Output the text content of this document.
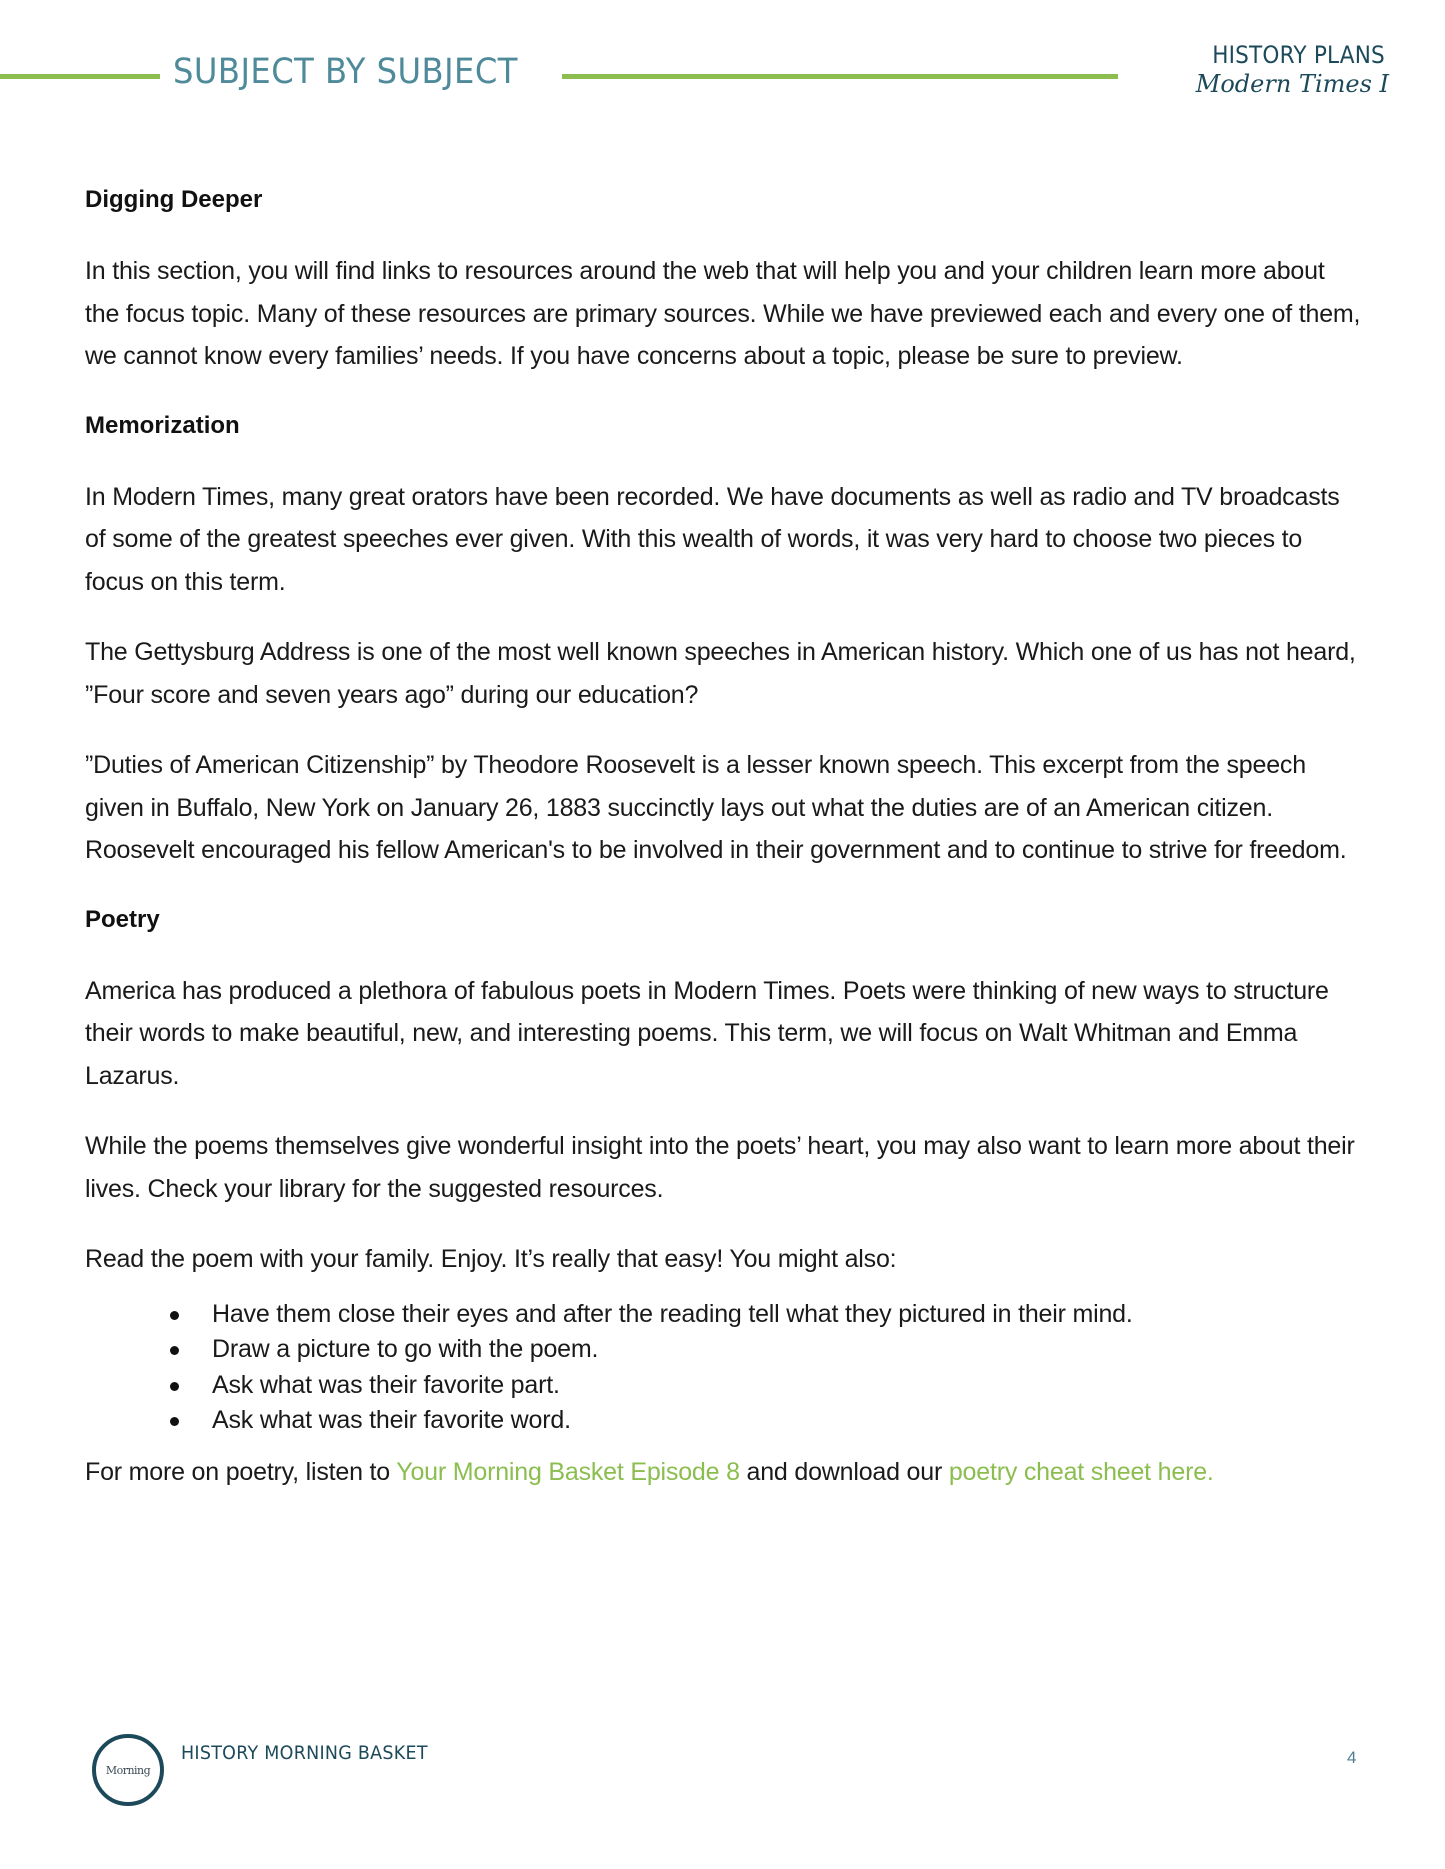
SUBJECT BY SUBJECT	HISTORY PLANS
Modern Times I
Digging Deeper

In this section, you will find links to resources around the web that will help you and your children learn more about the focus topic. Many of these resources are primary sources. While we have previewed each and every one of them, we cannot know every families’ needs. If you have concerns about a topic, please be sure to preview.

Memorization

In Modern Times, many great orators have been recorded. We have documents as well as radio and TV broadcasts of some of the greatest speeches ever given. With this wealth of words, it was very hard to choose two pieces to focus on this term.

The Gettysburg Address is one of the most well known speeches in American history. Which one of us has not heard, ”Four score and seven years ago” during our education?

”Duties of American Citizenship” by Theodore Roosevelt is a lesser known speech. This excerpt from the speech given in Buffalo, New York on January 26, 1883 succinctly lays out what the duties are of an American citizen. Roosevelt encouraged his fellow American's to be involved in their government and to continue to strive for freedom.

Poetry

America has produced a plethora of fabulous poets in Modern Times. Poets were thinking of new ways to structure their words to make beautiful, new, and interesting poems. This term, we will focus on Walt Whitman and Emma Lazarus.

While the poems themselves give wonderful insight into the poets’ heart, you may also want to learn more about their lives. Check your library for the suggested resources.

Read the poem with your family. Enjoy. It’s really that easy! You might also:

Have them close their eyes and after the reading tell what they pictured in their mind.
Draw a picture to go with the poem.
Ask what was their favorite part.
Ask what was their favorite word.

For more on poetry, listen to Your Morning Basket Episode 8 and download our poetry cheat sheet here.

Morning
HISTORY MORNING BASKET	4
